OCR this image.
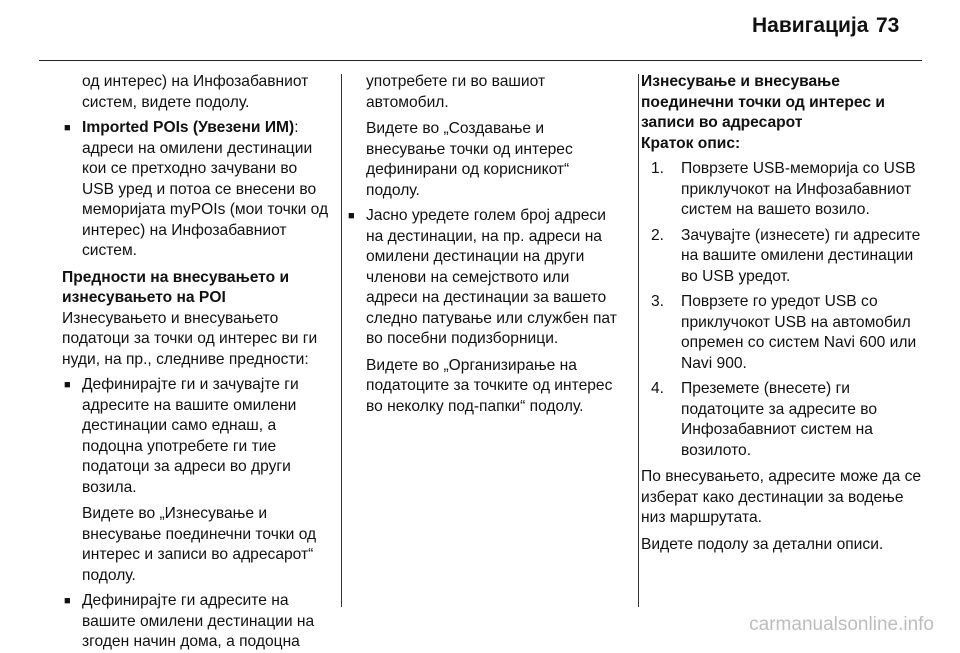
Навигација 73

од интерес) на Инфозабавниот систем, видете подолу.

■ Imported POIs (Увезени ИМ): адреси на омилени дестинации кои се претходно зачувани во USB уред и потоа се внесени во меморијата myPOIs (мои точки од интерес) на Инфозабавниот систем.

Предности на внесувањето и изнесувањето на POI

Изнесувањето и внесувањето податоци за точки од интерес ви ги нуди, на пр., следниве предности:

■ Дефинирајте ги и зачувајте ги адресите на вашите омилени дестинации само еднаш, а подоцна употребете ги тие податоци за адреси во други возила.

Видете во „Изнесување и внесување поединечни точки од интерес и записи во адресарот“ подолу.

■ Дефинирајте ги адресите на вашите омилени дестинации на згоден начин дома, а подоцна

употребете ги во вашиот автомобил.

Видете во „Создавање и внесување точки од интерес дефинирани од корисникот“ подолу.

■ Јасно уредете голем број адреси на дестинации, на пр. адреси на омилени дестинации на други членови на семејството или адреси на дестинации за вашето следно патување или службен пат во посебни подизборници.

Видете во „Организирање на податоците за точките од интерес во неколку под-папки“ подолу.

Изнесување и внесување поединечни точки од интерес и записи во адресарот

Краток опис:

1. Поврзете USB-меморија со USB приклучокот на Инфозабавниот систем на вашето возило.
2. Зачувајте (изнесете) ги адресите на вашите омилени дестинации во USB уредот.
3. Поврзете го уредот USB со приклучокот USB на автомобил опремен со систем Navi 600 или Navi 900.
4. Преземете (внесете) ги податоците за адресите во Инфозабавниот систем на возилото.

По внесувањето, адресите може да се изберат како дестинации за водење низ маршрутата.

Видете подолу за детални описи.

carmanualsonline.info
